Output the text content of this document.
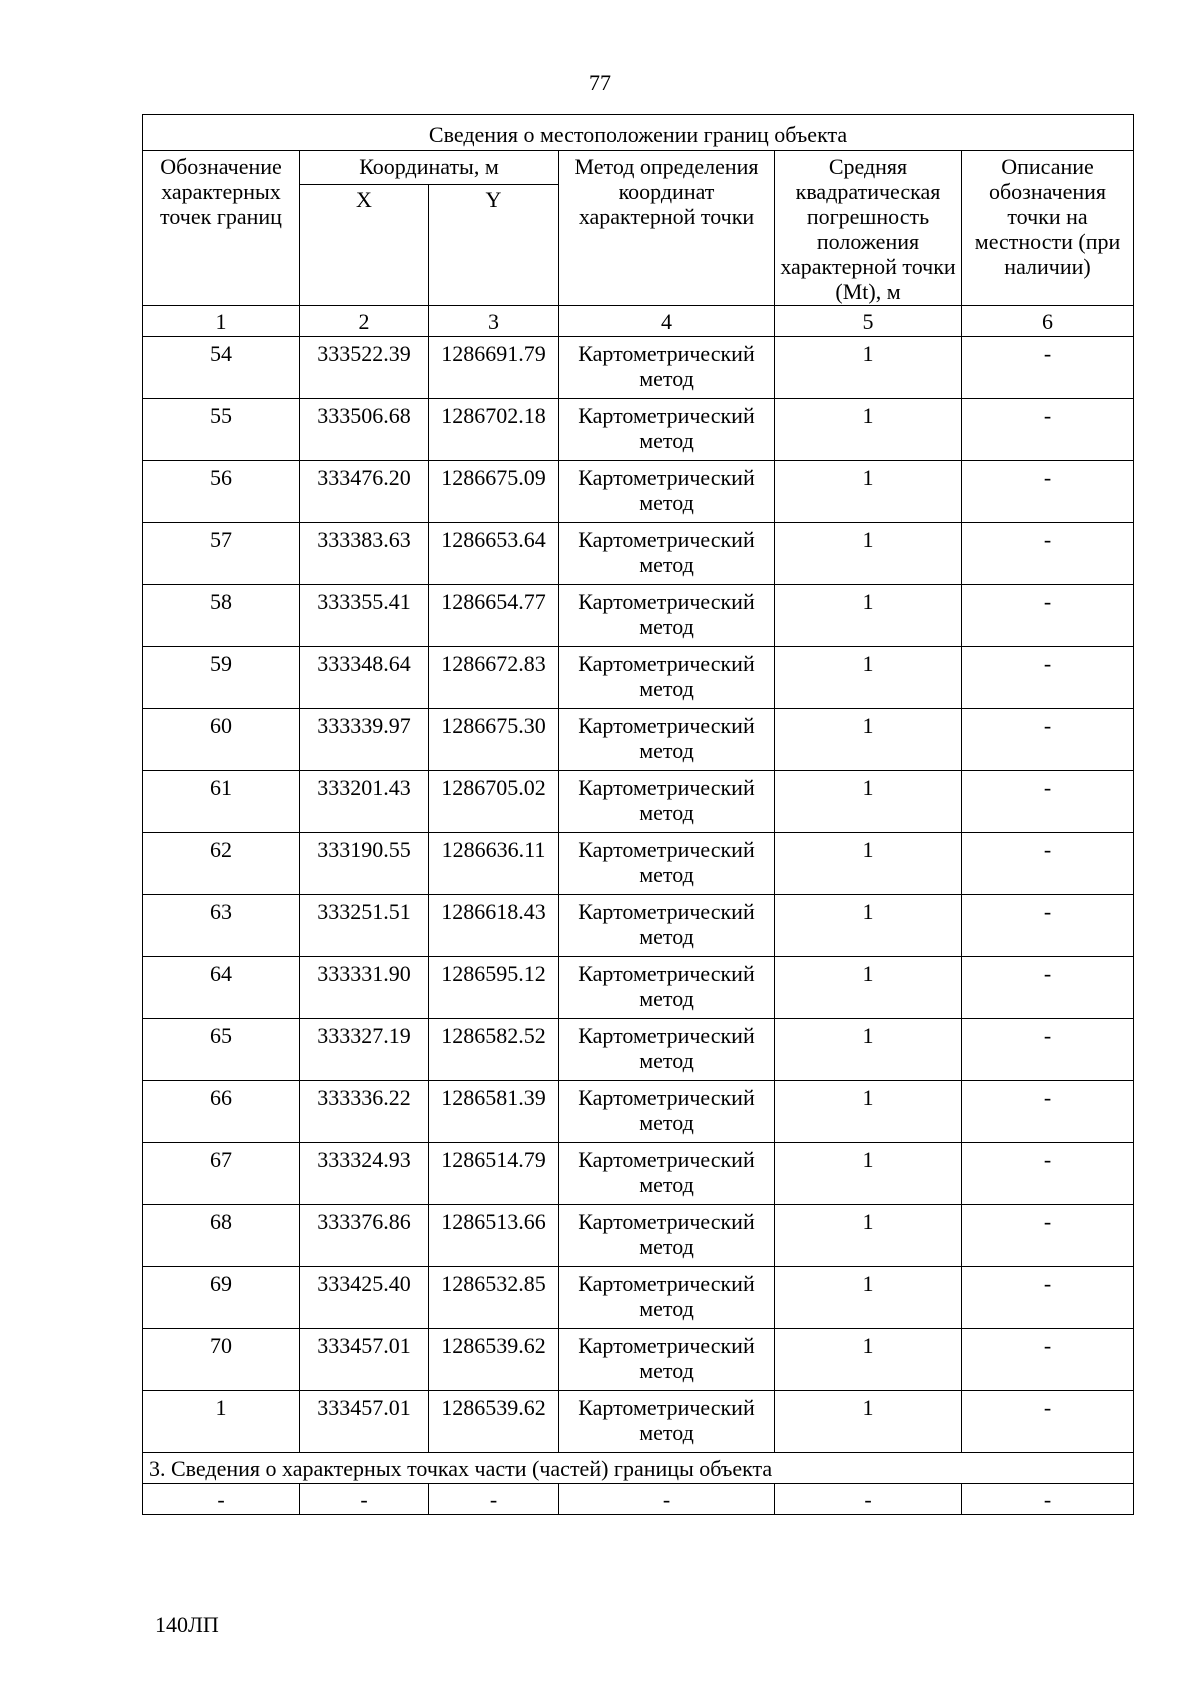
77
Сведения о местоположении границ объекта					
Обозначение характерных точек границ	Координаты, м		Метод определения координат характерной точки	Средняя квадратическая погрешность положения характерной точки (Mt), м	Описание обозначения точки на местности (при наличии)
	X	Y			
1	2	3	4	5	6
54	333522.39	1286691.79	Картометрический метод	1	-
55	333506.68	1286702.18	Картометрический метод	1	-
56	333476.20	1286675.09	Картометрический метод	1	-
57	333383.63	1286653.64	Картометрический метод	1	-
58	333355.41	1286654.77	Картометрический метод	1	-
59	333348.64	1286672.83	Картометрический метод	1	-
60	333339.97	1286675.30	Картометрический метод	1	-
61	333201.43	1286705.02	Картометрический метод	1	-
62	333190.55	1286636.11	Картометрический метод	1	-
63	333251.51	1286618.43	Картометрический метод	1	-
64	333331.90	1286595.12	Картометрический метод	1	-
65	333327.19	1286582.52	Картометрический метод	1	-
66	333336.22	1286581.39	Картометрический метод	1	-
67	333324.93	1286514.79	Картометрический метод	1	-
68	333376.86	1286513.66	Картометрический метод	1	-
69	333425.40	1286532.85	Картометрический метод	1	-
70	333457.01	1286539.62	Картометрический метод	1	-
1	333457.01	1286539.62	Картометрический метод	1	-
3. Сведения о характерных точках части (частей) границы объекта					
-	-	-	-	-	-
140ЛП
